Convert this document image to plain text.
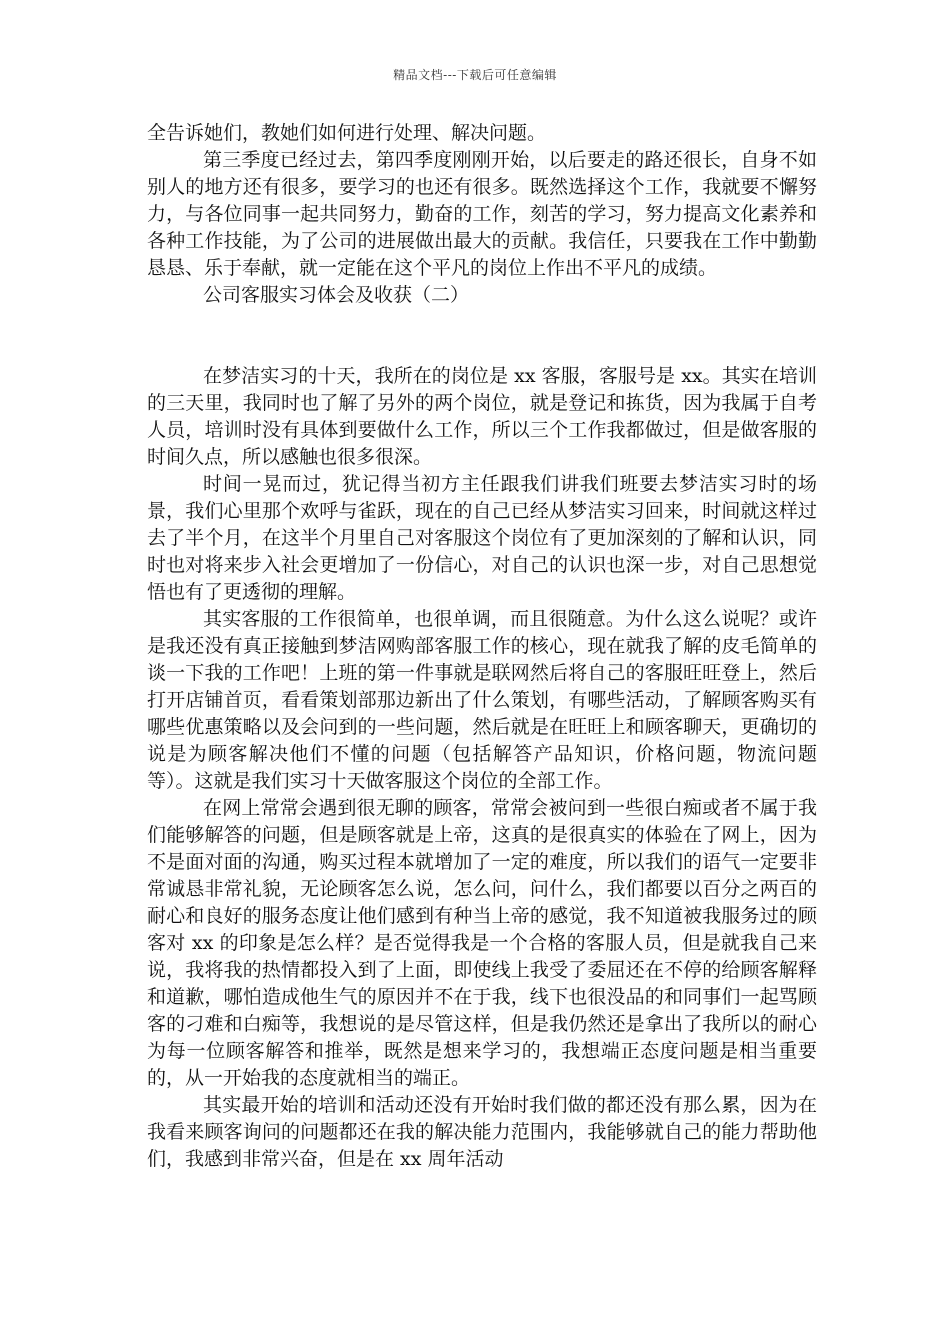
精品文档---下载后可任意编辑

全告诉她们，教她们如何进行处理、解决问题。

第三季度已经过去，第四季度刚刚开始，以后要走的路还很长，自身不如别人的地方还有很多，要学习的也还有很多。既然选择这个工作，我就要不懈努力，与各位同事一起共同努力，勤奋的工作，刻苦的学习，努力提高文化素养和各种工作技能，为了公司的进展做出最大的贡献。我信任，只要我在工作中勤勤恳恳、乐于奉献，就一定能在这个平凡的岗位上作出不平凡的成绩。

公司客服实习体会及收获（二）

在梦洁实习的十天，我所在的岗位是 xx 客服，客服号是 xx。其实在培训的三天里，我同时也了解了另外的两个岗位，就是登记和拣货，因为我属于自考人员，培训时没有具体到要做什么工作，所以三个工作我都做过，但是做客服的时间久点，所以感触也很多很深。

时间一晃而过，犹记得当初方主任跟我们讲我们班要去梦洁实习时的场景，我们心里那个欢呼与雀跃，现在的自己已经从梦洁实习回来，时间就这样过去了半个月，在这半个月里自己对客服这个岗位有了更加深刻的了解和认识，同时也对将来步入社会更增加了一份信心，对自己的认识也深一步，对自己思想觉悟也有了更透彻的理解。

其实客服的工作很简单，也很单调，而且很随意。为什么这么说呢？或许是我还没有真正接触到梦洁网购部客服工作的核心，现在就我了解的皮毛简单的谈一下我的工作吧！上班的第一件事就是联网然后将自己的客服旺旺登上，然后打开店铺首页，看看策划部那边新出了什么策划，有哪些活动，了解顾客购买有哪些优惠策略以及会问到的一些问题，然后就是在旺旺上和顾客聊天，更确切的说是为顾客解决他们不懂的问题（包括解答产品知识，价格问题，物流问题等）。这就是我们实习十天做客服这个岗位的全部工作。

在网上常常会遇到很无聊的顾客，常常会被问到一些很白痴或者不属于我们能够解答的问题，但是顾客就是上帝，这真的是很真实的体验在了网上，因为不是面对面的沟通，购买过程本就增加了一定的难度，所以我们的语气一定要非常诚恳非常礼貌，无论顾客怎么说，怎么问，问什么，我们都要以百分之两百的耐心和良好的服务态度让他们感到有种当上帝的感觉，我不知道被我服务过的顾客对 xx 的印象是怎么样？是否觉得我是一个合格的客服人员，但是就我自己来说，我将我的热情都投入到了上面，即使线上我受了委屈还在不停的给顾客解释和道歉，哪怕造成他生气的原因并不在于我，线下也很没品的和同事们一起骂顾客的刁难和白痴等，我想说的是尽管这样，但是我仍然还是拿出了我所以的耐心为每一位顾客解答和推举，既然是想来学习的，我想端正态度问题是相当重要的，从一开始我的态度就相当的端正。

其实最开始的培训和活动还没有开始时我们做的都还没有那么累，因为在我看来顾客询问的问题都还在我的解决能力范围内，我能够就自己的能力帮助他们，我感到非常兴奋，但是在 xx 周年活动
